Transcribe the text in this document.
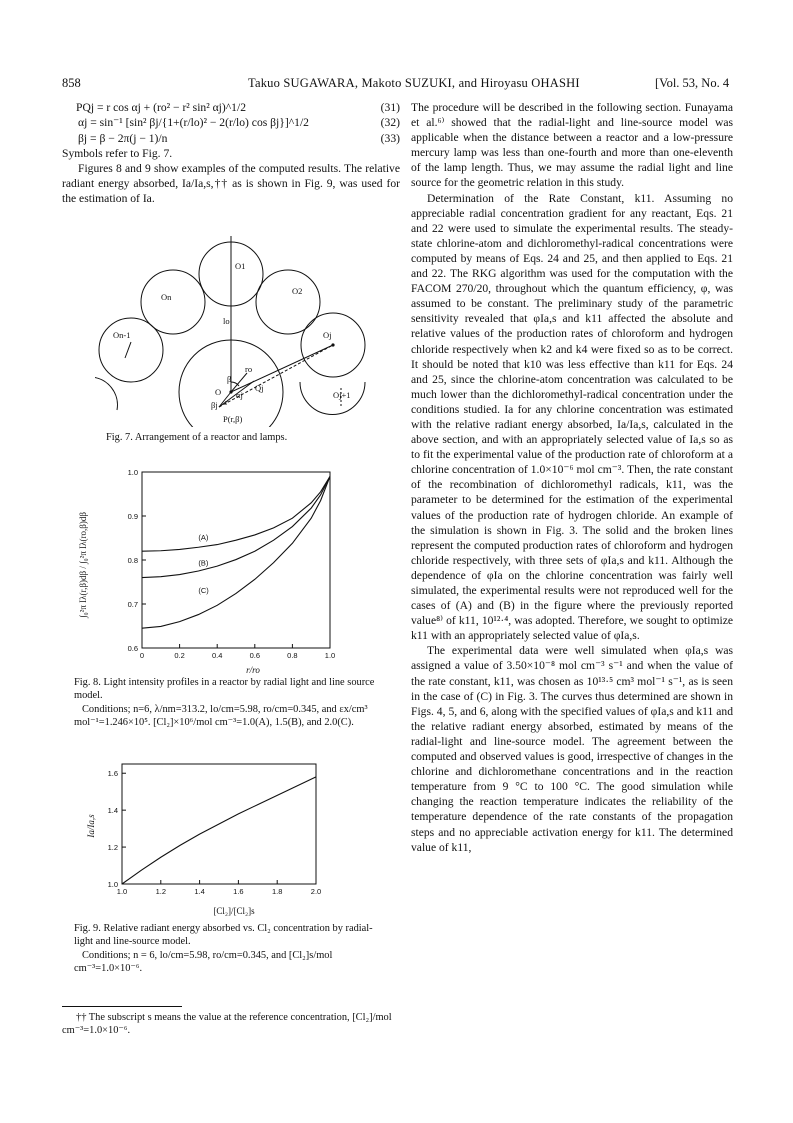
858	Takuo SUGAWARA, Makoto SUZUKI, and Hiroyasu OHASHI	[Vol. 53, No. 4
PQj = r cos αj + (ro² − r² sin² αj)^1/2	(31)
αj = sin⁻¹ [sin² βj/{1+(r/lo)² − 2(r/lo) cos βj}]^1/2	(32)
βj = β − 2π(j − 1)/n	(33)

Symbols refer to Fig. 7.

Figures 8 and 9 show examples of the computed results. The relative radiant energy absorbed, Ia/Ia,s,†† as is shown in Fig. 9, was used for the estimation of Ia.

O1
O2
On
On-1	Oj
Oj+1
lo
ro
β
βj
αj
O
r
Qj
P(r,β)
Fig. 7. Arrangement of a reactor and lamps.
0	0.2	0.4	0.6	0.8	1.0
0.6
0.7
0.8
0.9
1.0
(A)
(B)
(C)
∫₀²π Iλ(r,β)dβ / ∫₀²π Iλ(ro,β)dβ
r/ro

Fig. 8. Light intensity profiles in a reactor by radial light and line source model.

Conditions; n=6, λ/nm=313.2, lo/cm=5.98, ro/cm=0.345, and εx/cm³ mol⁻¹=1.246×10⁵. [Cl₂]×10⁶/mol cm⁻³=1.0(A), 1.5(B), and 2.0(C).

1.0	1.2	1.4	1.6	1.8	2.0
1.0
1.2
1.4
1.6
Ia/Ia,s
[Cl₂]/[Cl₂]s

Fig. 9. Relative radiant energy absorbed vs. Cl₂ concentration by radial-light and line-source model.

Conditions; n = 6, lo/cm=5.98, ro/cm=0.345, and [Cl₂]s/mol cm⁻³=1.0×10⁻⁶.

†† The subscript s means the value at the reference concentration, [Cl₂]/mol cm⁻³=1.0×10⁻⁶.

The procedure will be described in the following section. Funayama et al.⁶⁾ showed that the radial-light and line-source model was applicable when the distance between a reactor and a low-pressure mercury lamp was less than one-fourth and more than one-eleventh of the lamp length. Thus, we may assume the radial light and line source for the geometric relation in this study.

Determination of the Rate Constant, k11. Assuming no appreciable radial concentration gradient for any reactant, Eqs. 21 and 22 were used to simulate the experimental results. The steady-state chlorine-atom and dichloromethyl-radical concentrations were computed by means of Eqs. 24 and 25, and then applied to Eqs. 21 and 22. The RKG algorithm was used for the computation with the FACOM 270/20, throughout which the quantum efficiency, φ, was assumed to be constant. The preliminary study of the parametric sensitivity revealed that φIa,s and k11 affected the absolute and relative values of the production rates of chloroform and hydrogen chloride respectively when k2 and k4 were fixed so as to be correct. It should be noted that k10 was less effective than k11 for Eqs. 24 and 25, since the chlorine-atom concentration was calculated to be much lower than the dichloromethyl-radical concentration under the conditions studied. Ia for any chlorine concentration was estimated with the relative radiant energy absorbed, Ia/Ia,s, calculated in the above section, and with an appropriately selected value of Ia,s so as to fit the experimental value of the production rate of chloroform at a chlorine concentration of 1.0×10⁻⁶ mol cm⁻³. Then, the rate constant of the recombination of dichloromethyl radicals, k11, was the parameter to be determined for the estimation of the experimental values of the production rate of hydrogen chloride. An example of the simulation is shown in Fig. 3. The solid and the broken lines represent the computed production rates of chloroform and hydrogen chloride respectively, with three sets of φIa,s and k11. Although the dependence of φIa on the chlorine concentration was fairly well simulated, the experimental results were not reproduced well for the cases of (A) and (B) in the figure where the previously reported value⁸⁾ of k11, 10¹²·⁴, was adopted. Therefore, we sought to optimize k11 with an appropriately selected value of φIa,s.

The experimental data were well simulated when φIa,s was assigned a value of 3.50×10⁻⁸ mol cm⁻³ s⁻¹ and when the value of the rate constant, k11, was chosen as 10¹³·⁵ cm³ mol⁻¹ s⁻¹, as is seen in the case of (C) in Fig. 3. The curves thus determined are shown in Figs. 4, 5, and 6, along with the specified values of φIa,s and k11 and the relative radiant energy absorbed, estimated by means of the radial-light and line-source model. The agreement between the computed and observed values is good, irrespective of changes in the chlorine and dichloromethane concentrations and in the reaction temperature from 9 °C to 100 °C. The good simulation while changing the reaction temperature indicates the reliability of the temperature dependence of the rate constants of the propagation steps and no appreciable activation energy for k11. The determined value of k11,
